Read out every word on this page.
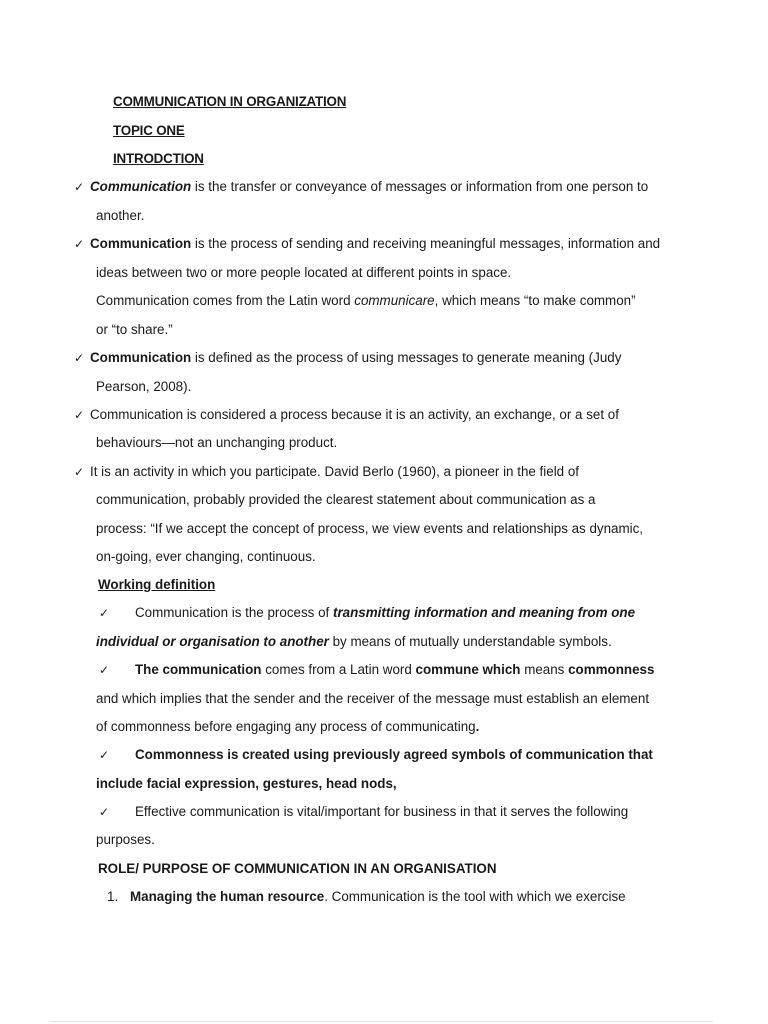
COMMUNICATION IN ORGANIZATION
TOPIC ONE
INTRODCTION
✓ Communication is the transfer or conveyance of messages or information from one person to
another.
✓ Communication is the process of sending and receiving meaningful messages, information and
ideas between two or more people located at different points in space.
Communication comes from the Latin word communicare, which means “to make common”
or “to share.”
✓ Communication is defined as the process of using messages to generate meaning (Judy
Pearson, 2008).
✓ Communication is considered a process because it is an activity, an exchange, or a set of
behaviours—not an unchanging product.
✓ It is an activity in which you participate. David Berlo (1960), a pioneer in the field of
communication, probably provided the clearest statement about communication as a
process: “If we accept the concept of process, we view events and relationships as dynamic,
on-going, ever changing, continuous.
Working definition
✓ Communication is the process of transmitting information and meaning from one
individual or organisation to another by means of mutually understandable symbols.
✓ The communication comes from a Latin word commune which means commonness
and which implies that the sender and the receiver of the message must establish an element
of commonness before engaging any process of communicating.
✓ Commonness is created using previously agreed symbols of communication that
include facial expression, gestures, head nods,
✓ Effective communication is vital/important for business in that it serves the following
purposes.
ROLE/ PURPOSE OF COMMUNICATION IN AN ORGANISATION
1. Managing the human resource. Communication is the tool with which we exercise
